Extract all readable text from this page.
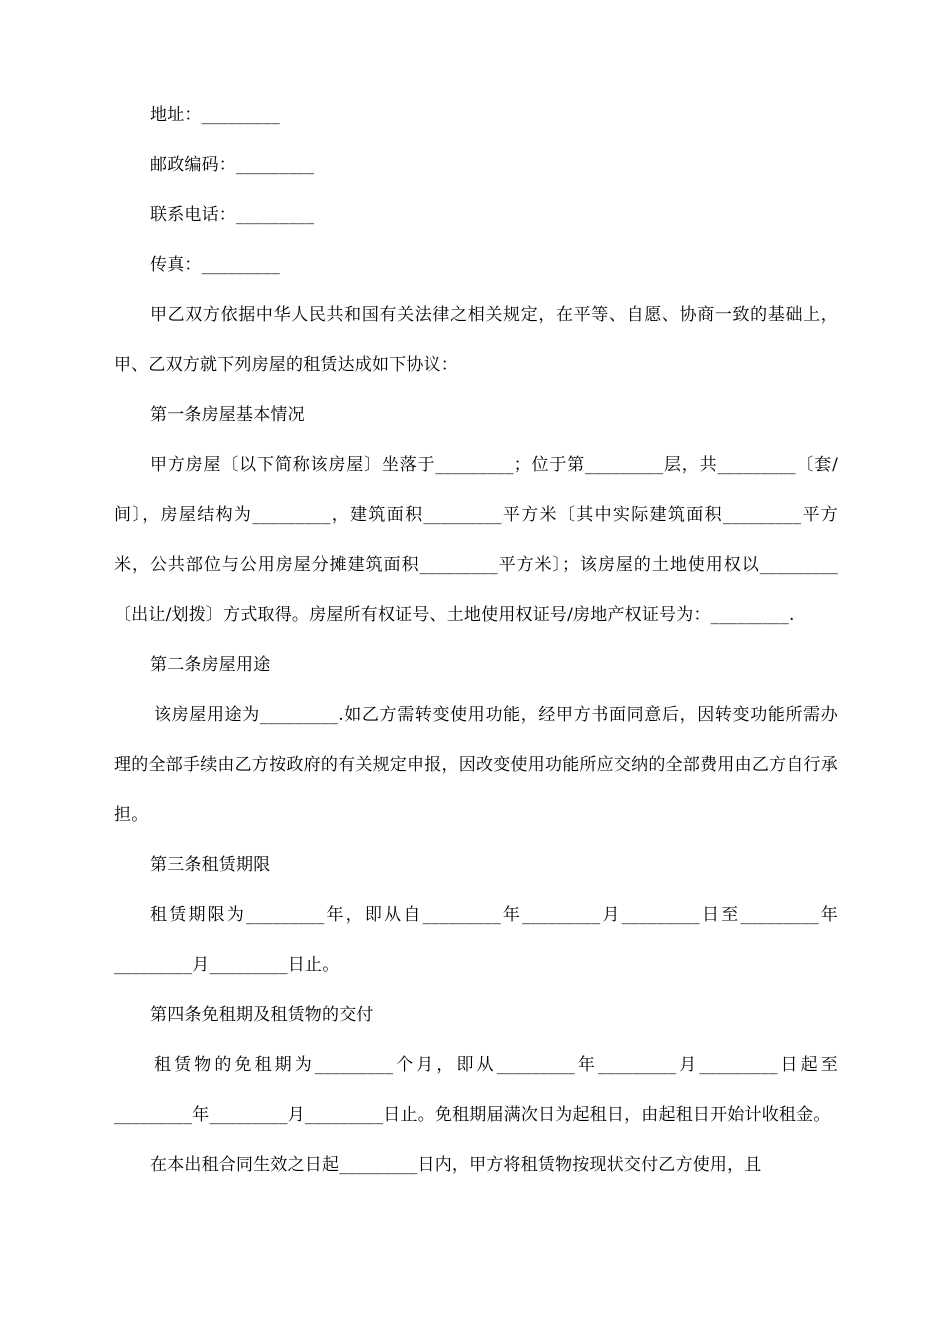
地址：_________
邮政编码：_________
联系电话：_________
传真：_________

甲乙双方依据中华人民共和国有关法律之相关规定，在平等、自愿、协商一致的基础上，甲、乙双方就下列房屋的租赁达成如下协议：

第一条房屋基本情况

甲方房屋〔以下简称该房屋〕坐落于_________；位于第_________层，共_________〔套/间〕，房屋结构为_________，建筑面积_________平方米〔其中实际建筑面积_________平方米，公共部位与公用房屋分摊建筑面积_________平方米〕；该房屋的土地使用权以_________〔出让/划拨〕方式取得。房屋所有权证号、土地使用权证号/房地产权证号为：_________.

第二条房屋用途

该房屋用途为_________.如乙方需转变使用功能，经甲方书面同意后，因转变功能所需办理的全部手续由乙方按政府的有关规定申报，因改变使用功能所应交纳的全部费用由乙方自行承担。

第三条租赁期限

租赁期限为_________年，即从自_________年_________月_________日至_________年_________月_________日止。

第四条免租期及租赁物的交付

租赁物的免租期为_________个月，即从_________年_________月_________日起至_________年_________月_________日止。免租期届满次日为起租日，由起租日开始计收租金。

在本出租合同生效之日起_________日内，甲方将租赁物按现状交付乙方使用，且
